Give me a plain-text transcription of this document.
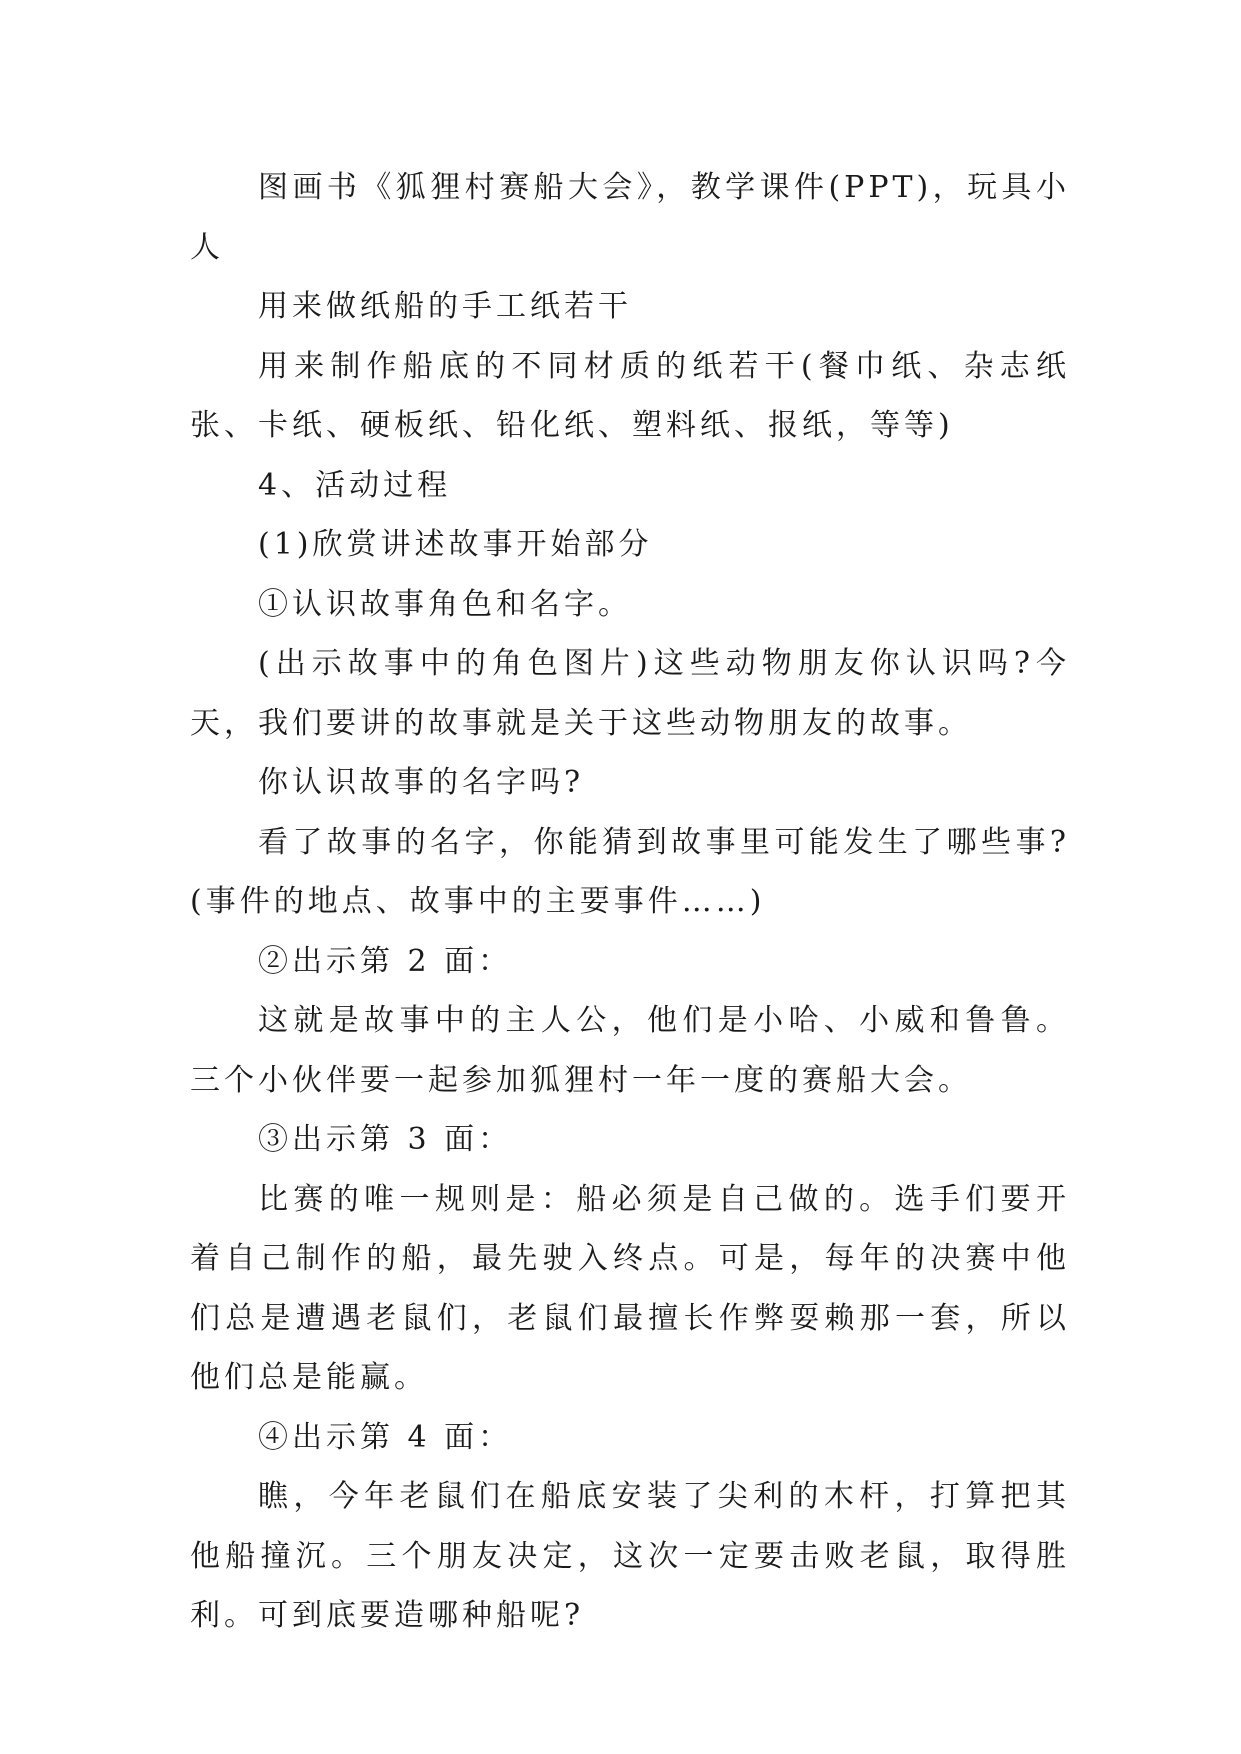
图画书《狐狸村赛船大会》，教学课件(PPT)，玩具小人

用来做纸船的手工纸若干

用来制作船底的不同材质的纸若干(餐巾纸、杂志纸张、卡纸、硬板纸、铅化纸、塑料纸、报纸，等等)

4、活动过程

(1)欣赏讲述故事开始部分

①认识故事角色和名字。

(出示故事中的角色图片)这些动物朋友你认识吗?今天，我们要讲的故事就是关于这些动物朋友的故事。

你认识故事的名字吗?

看了故事的名字，你能猜到故事里可能发生了哪些事?(事件的地点、故事中的主要事件……)

②出示第 2 面：

这就是故事中的主人公，他们是小哈、小威和鲁鲁。三个小伙伴要一起参加狐狸村一年一度的赛船大会。

③出示第 3 面：

比赛的唯一规则是：船必须是自己做的。选手们要开着自己制作的船，最先驶入终点。可是，每年的决赛中他们总是遭遇老鼠们，老鼠们最擅长作弊耍赖那一套，所以他们总是能赢。

④出示第 4 面：

瞧，今年老鼠们在船底安装了尖利的木杆，打算把其他船撞沉。三个朋友决定，这次一定要击败老鼠，取得胜利。可到底要造哪种船呢?
